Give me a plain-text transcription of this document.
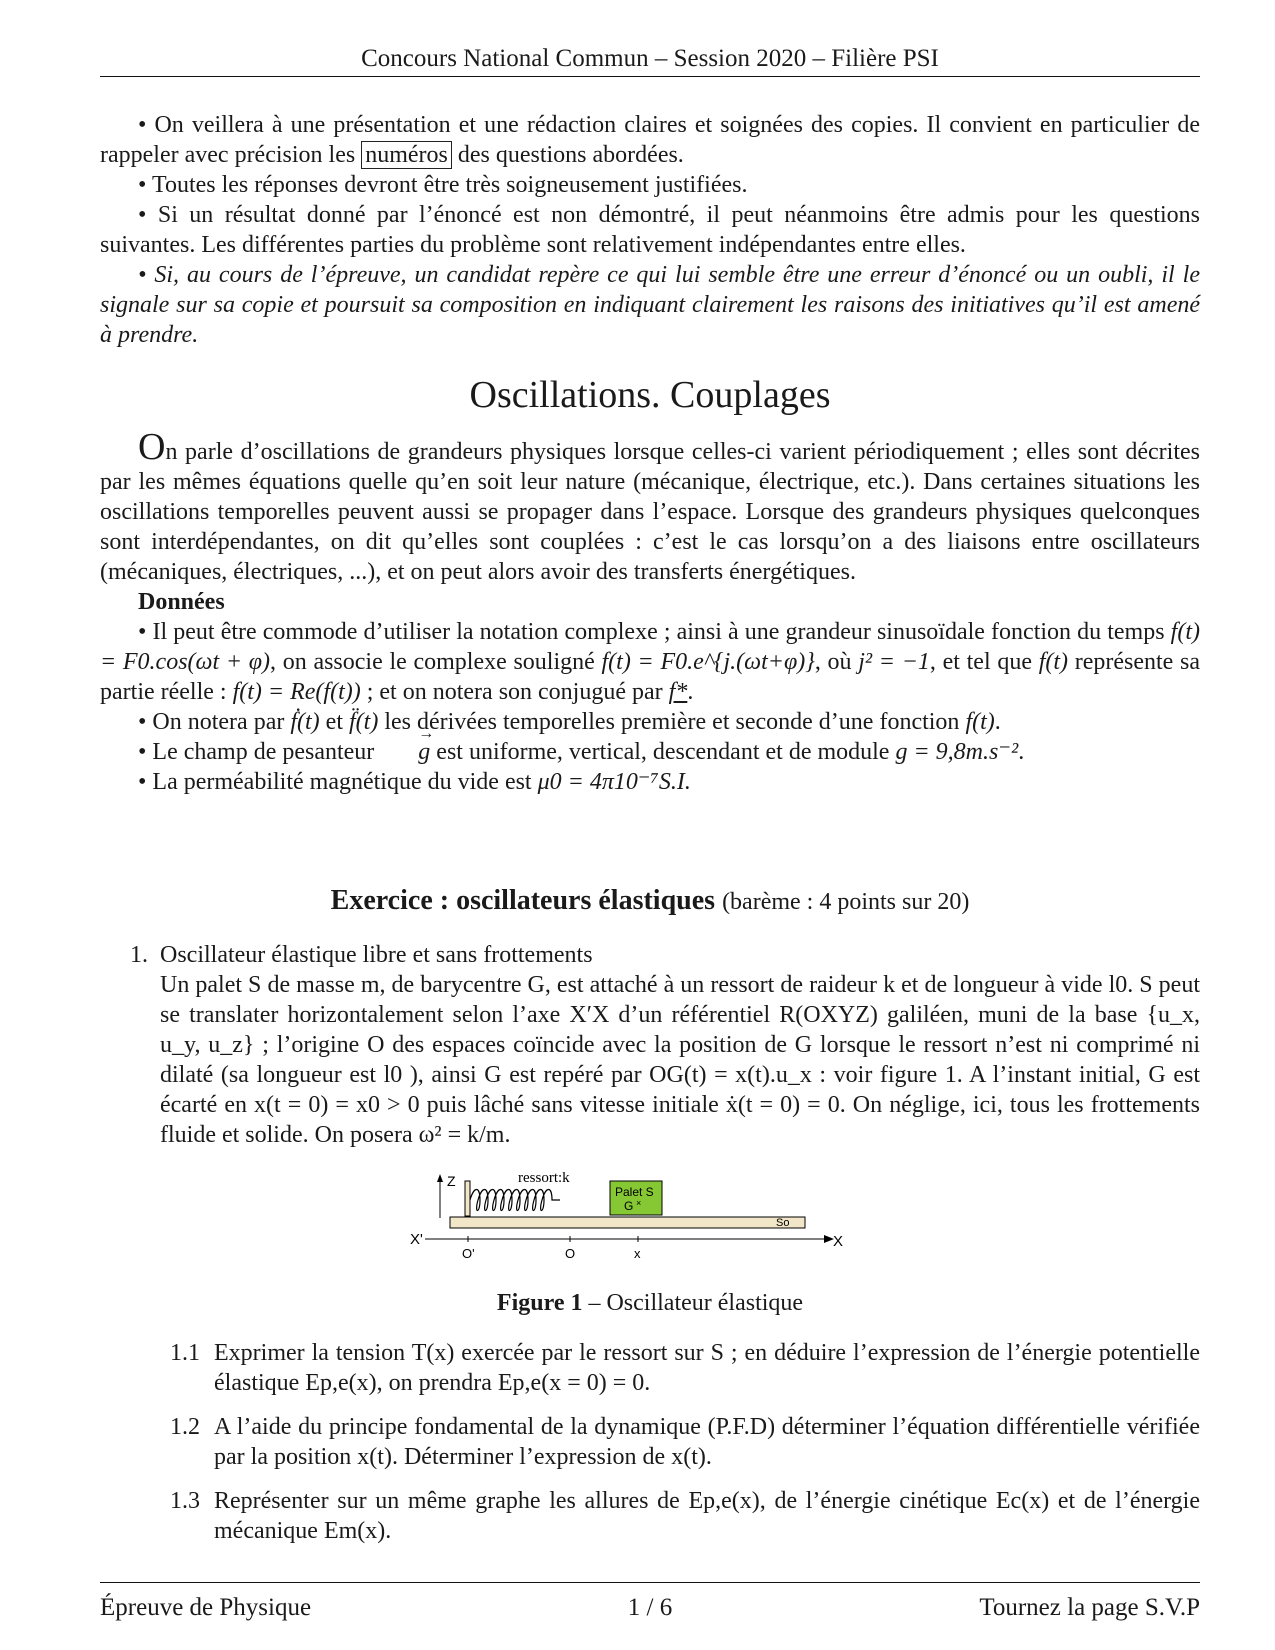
Concours National Commun – Session 2020 – Filière PSI

• On veillera à une présentation et une rédaction claires et soignées des copies. Il convient en particulier de rappeler avec précision les numéros des questions abordées.

• Toutes les réponses devront être très soigneusement justifiées.

• Si un résultat donné par l’énoncé est non démontré, il peut néanmoins être admis pour les questions suivantes. Les différentes parties du problème sont relativement indépendantes entre elles.

• Si, au cours de l’épreuve, un candidat repère ce qui lui semble être une erreur d’énoncé ou un oubli, il le signale sur sa copie et poursuit sa composition en indiquant clairement les raisons des initiatives qu’il est amené à prendre.

Oscillations. Couplages

On parle d’oscillations de grandeurs physiques lorsque celles-ci varient périodiquement ; elles sont décrites par les mêmes équations quelle qu’en soit leur nature (mécanique, électrique, etc.). Dans certaines situations les oscillations temporelles peuvent aussi se propager dans l’espace. Lorsque des grandeurs physiques quelconques sont interdépendantes, on dit qu’elles sont couplées : c’est le cas lorsqu’on a des liaisons entre oscillateurs (mécaniques, électriques, ...), et on peut alors avoir des transferts énergétiques.

Données

• Il peut être commode d’utiliser la notation complexe ; ainsi à une grandeur sinusoïdale fonction du temps f(t) = F0.cos(ωt + φ), on associe le complexe souligné f(t) = F0.e^{j.(ωt+φ)}, où j² = −1, et tel que f(t) représente sa partie réelle : f(t) = Re(f(t)) ; et on notera son conjugué par f*.

• On notera par ḟ(t) et f̈(t) les dérivées temporelles première et seconde d’une fonction f(t).

• Le champ de pesanteur → g est uniforme, vertical, descendant et de module g = 9,8m.s⁻².

• La perméabilité magnétique du vide est μ0 = 4π10⁻⁷S.I.

Exercice : oscillateurs élastiques (barème : 4 points sur 20)
1. Oscillateur élastique libre et sans frottements
Un palet S de masse m, de barycentre G, est attaché à un ressort de raideur k et de longueur à vide l0. S peut se translater horizontalement selon l’axe X′X d’un référentiel R(OXYZ) galiléen, muni de la base {u_x, u_y, u_z} ; l’origine O des espaces coïncide avec la position de G lorsque le ressort n’est ni comprimé ni dilaté (sa longueur est l0 ), ainsi G est repéré par OG(t) = x(t).u_x : voir figure 1. A l’instant initial, G est écarté en x(t = 0) = x0 > 0 puis lâché sans vitesse initiale ẋ(t = 0) = 0. On néglige, ici, tous les frottements fluide et solide. On posera ω² = k/m.
Z	ressort:k
Palet S
G ×
So
X'	X
O'	O	x
Figure 1 – Oscillateur élastique
1.1 Exprimer la tension T(x) exercée par le ressort sur S ; en déduire l’expression de l’énergie potentielle élastique Ep,e(x), on prendra Ep,e(x = 0) = 0.
1.2 A l’aide du principe fondamental de la dynamique (P.F.D) déterminer l’équation différentielle vérifiée par la position x(t). Déterminer l’expression de x(t).
1.3 Représenter sur un même graphe les allures de Ep,e(x), de l’énergie cinétique Ec(x) et de l’énergie mécanique Em(x).
Épreuve de Physique	1 / 6	Tournez la page S.V.P
